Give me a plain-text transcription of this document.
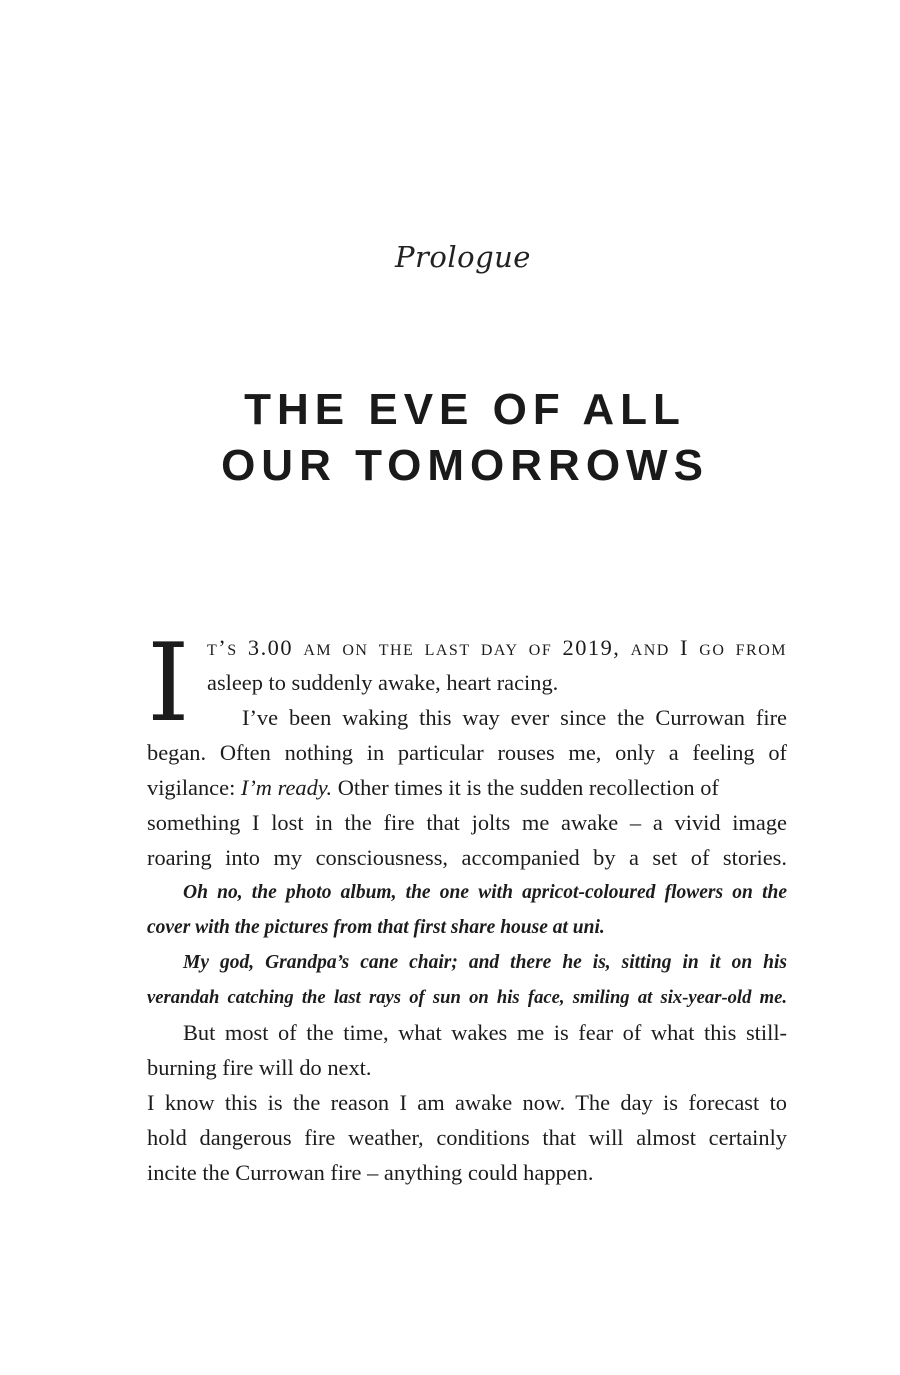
Prologue
THE EVE OF ALL
OUR TOMORROWS
I t’s 3.00 am on the last day of 2019, and I go from
asleep to suddenly awake, heart racing.
I’ve been waking this way ever since the Currowan fire
began. Often nothing in particular rouses me, only a feeling of
vigilance: I’m ready. Other times it is the sudden recollection of
something I lost in the fire that jolts me awake – a vivid image
roaring into my consciousness, accompanied by a set of stories.
Oh no, the photo album, the one with apricot-coloured flowers on the
cover with the pictures from that first share house at uni.
My god, Grandpa’s cane chair; and there he is, sitting in it on his
verandah catching the last rays of sun on his face, smiling at six-year-old me.
But most of the time, what wakes me is fear of what this still-
burning fire will do next.
I know this is the reason I am awake now. The day is forecast to
hold dangerous fire weather, conditions that will almost certainly
incite the Currowan fire – anything could happen.
